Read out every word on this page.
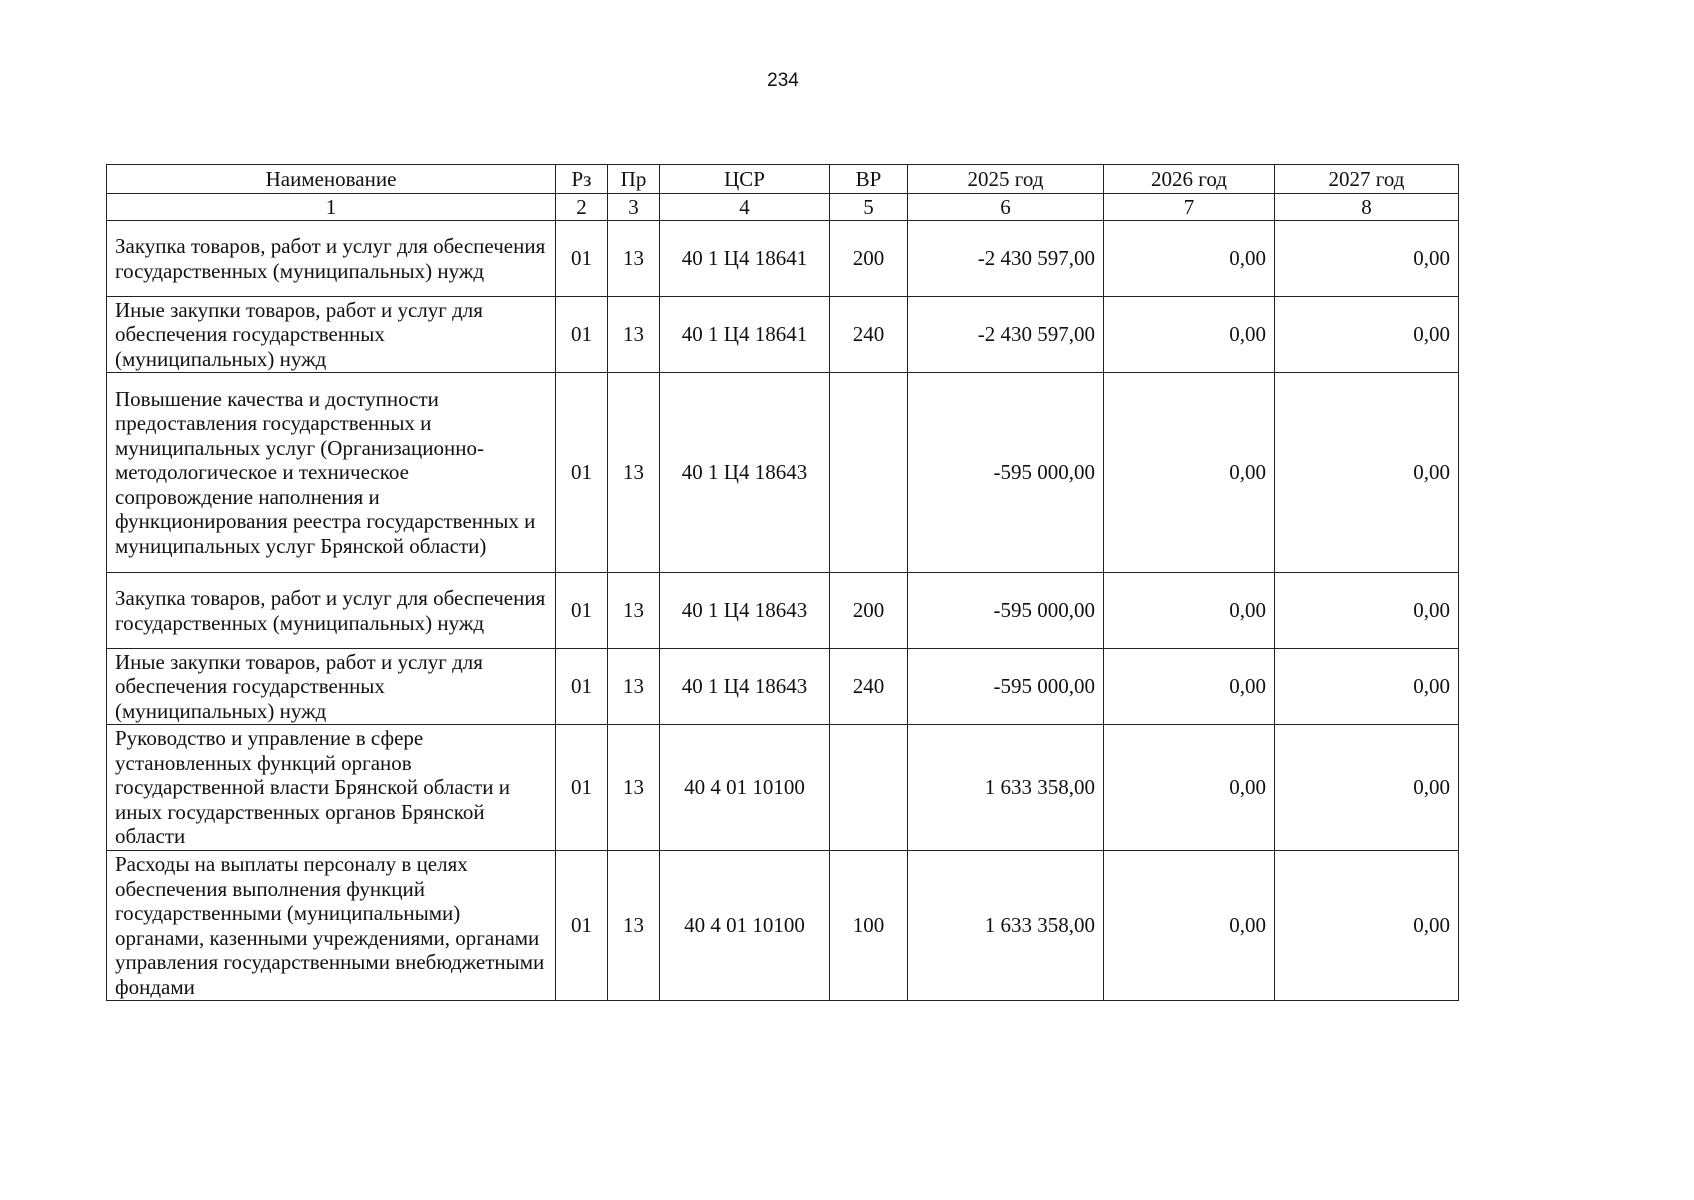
234
Наименование	Рз	Пр	ЦСР	ВР	2025 год	2026 год	2027 год
1	2	3	4	5	6	7	8
Закупка товаров, работ и услуг для обеспечения государственных (муниципальных) нужд	01	13	40 1 Ц4 18641	200	-2 430 597,00	0,00	0,00
Иные закупки товаров, работ и услуг для обеспечения государственных (муниципальных) нужд	01	13	40 1 Ц4 18641	240	-2 430 597,00	0,00	0,00
Повышение качества и доступности предоставления государственных и муниципальных услуг (Организационно-методологическое и техническое сопровождение наполнения и функционирования реестра государственных и муниципальных услуг Брянской области)	01	13	40 1 Ц4 18643		-595 000,00	0,00	0,00
Закупка товаров, работ и услуг для обеспечения государственных (муниципальных) нужд	01	13	40 1 Ц4 18643	200	-595 000,00	0,00	0,00
Иные закупки товаров, работ и услуг для обеспечения государственных (муниципальных) нужд	01	13	40 1 Ц4 18643	240	-595 000,00	0,00	0,00
Руководство и управление в сфере установленных функций органов государственной власти Брянской области и иных государственных органов Брянской области	01	13	40 4 01 10100		1 633 358,00	0,00	0,00
Расходы на выплаты персоналу в целях обеспечения выполнения функций государственными (муниципальными) органами, казенными учреждениями, органами управления государственными внебюджетными фондами	01	13	40 4 01 10100	100	1 633 358,00	0,00	0,00
